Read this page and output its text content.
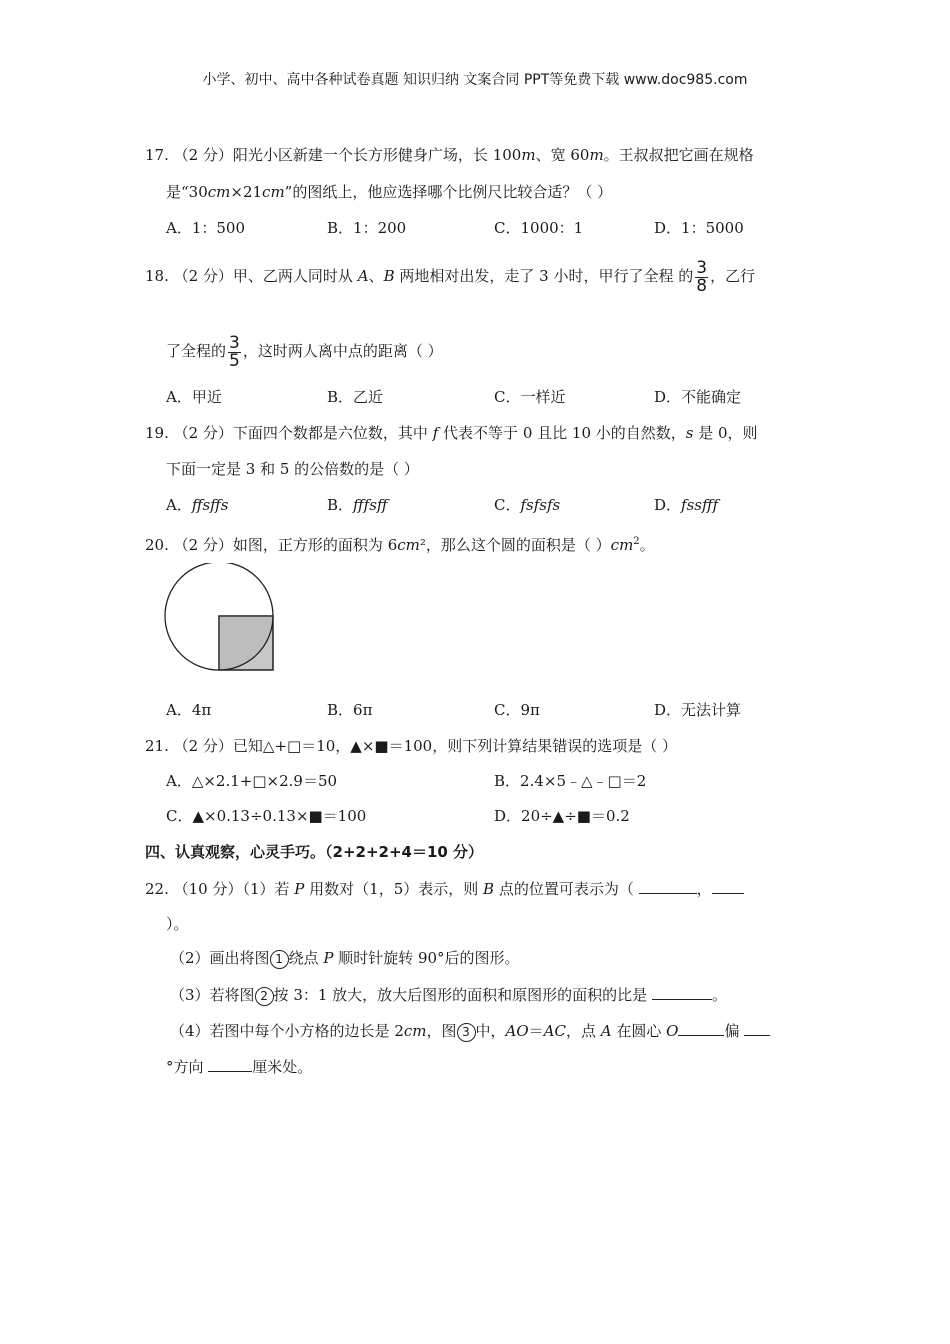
小学、初中、高中各种试卷真题 知识归纳 文案合同 PPT等免费下载 www.doc985.com
17. （2 分）阳光小区新建一个长方形健身广场，长 100m、宽 60m。王叔叔把它画在规格
是“30cm×21cm”的图纸上，他应选择哪个比例尺比较合适？（ ）
A．1：500	B．1：200	C．1000：1	D．1：5000
18. （2 分）甲、乙两人同时从 A、B 两地相对出发，走了 3 小时，甲行了全程 的 $\frac{3}{8}$ ，乙行
了全程的 $\frac{3}{5}$ ，这时两人离中点的距离（ ）
A．甲近	B．乙近	C．一样近	D．不能确定
19. （2 分）下面四个数都是六位数，其中 f 代表不等于 0 且比 10 小的自然数，s 是 0，则
下面一定是 3 和 5 的公倍数的是（ ）
A．ffsffs	B．fffsff	C．fsfsfs	D．fssfff
20. （2 分）如图，正方形的面积为 6cm²，那么这个圆的面积是（ ）$cm^2$。
A．4π	B．6π	C．9π	D．无法计算
21. （2 分）已知△+□＝10，▲×■＝100，则下列计算结果错误的选项是（ ）
A．△×2.1+□×2.9＝50	B．2.4×5﹣△﹣□＝2
C．▲×0.13÷0.13×■＝100	D．20÷▲÷■＝0.2
四、认真观察，心灵手巧。（2+2+2+4＝10 分）
22. （10 分）（1）若 P 用数对（1，5）表示，则 B 点的位置可表示为（	，
）。
（2）画出将图 1 绕点 P 顺时针旋转 90°后的图形。
（3）若将图 2 按 3：1 放大，放大后图形的面积和原图形的面积的比是	。
（4）若图中每个小方格的边长是 2cm，图 3 中，AO＝AC，点 A 在圆心 O	偏
°方向	厘米处。
